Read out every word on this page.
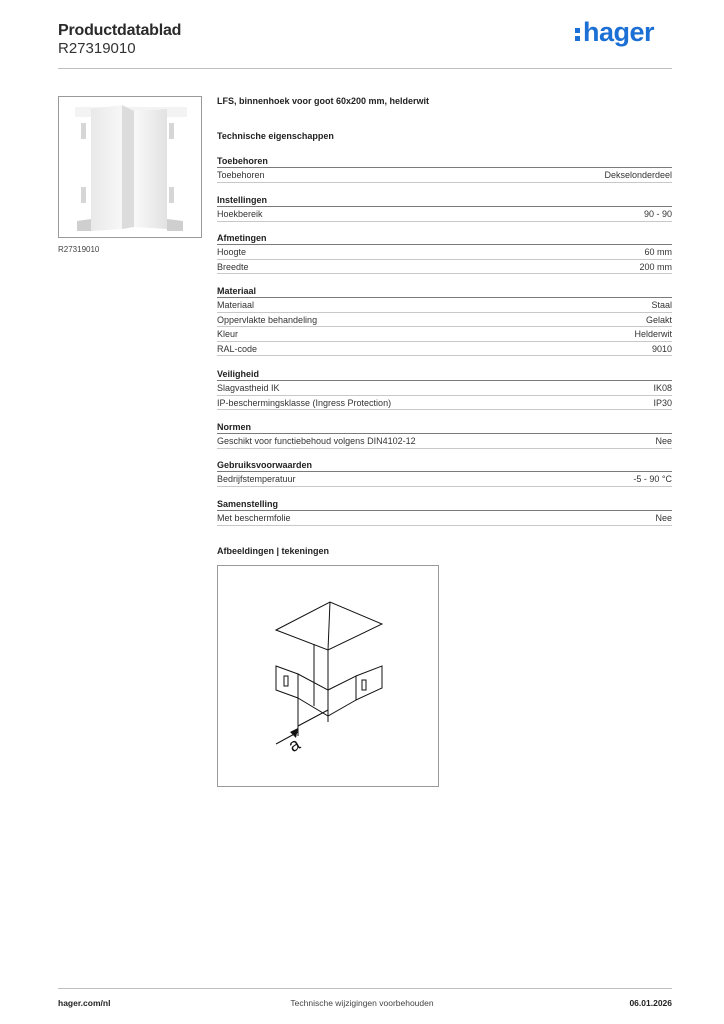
Productdatablad
R27319010
hager
R27319010
LFS, binnenhoek voor goot 60x200 mm, helderwit
Technische eigenschappen
Toebehoren
Toebehoren	Dekselonderdeel
Instellingen
Hoekbereik	90 - 90
Afmetingen
Hoogte	60 mm
Breedte	200 mm
Materiaal
Materiaal	Staal
Oppervlakte behandeling	Gelakt
Kleur	Helderwit
RAL-code	9010
Veiligheid
Slagvastheid IK	IK08
IP-beschermingsklasse (Ingress Protection)	IP30
Normen
Geschikt voor functiebehoud volgens DIN4102-12	Nee
Gebruiksvoorwaarden
Bedrijfstemperatuur	-5 - 90 °C
Samenstelling
Met beschermfolie	Nee
Afbeeldingen | tekeningen
a
hager.com/nl	Technische wijzigingen voorbehouden	06.01.2026
